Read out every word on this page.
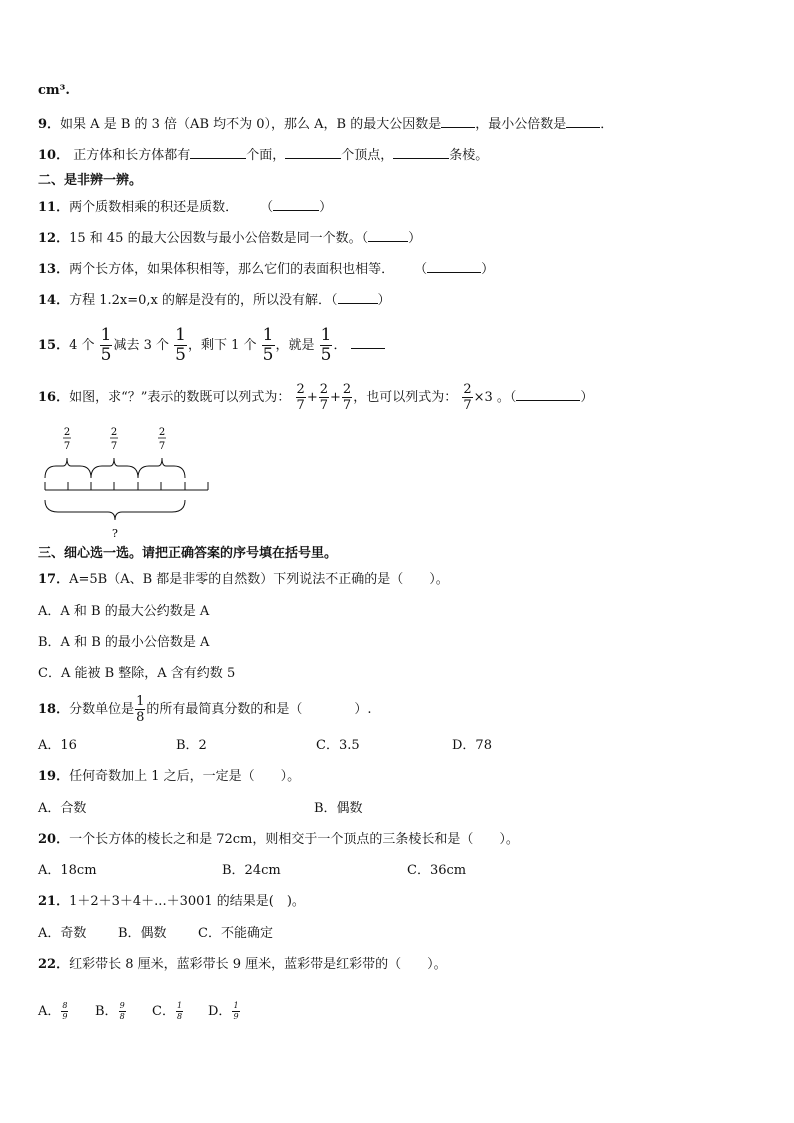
cm³.
9．如果 A 是 B 的 3 倍（AB 均不为 0），那么 A，B 的最大公因数是	，最小公倍数是	．
10． 正方体和长方体都有	个面，	个顶点，	条棱。
二、是非辨一辨。
11．两个质数相乘的积还是质数． （	）
12．15 和 45 的最大公因数与最小公倍数是同一个数。（	）
13．两个长方体，如果体积相等，那么它们的表面积也相等． （	）
14．方程 1.2x=0,x 的解是没有的，所以没有解．（	）
15．4 个 $\frac{1}{5}$ 减去 3 个 $\frac{1}{5}$ ，剩下 1 个 $\frac{1}{5}$ ，就是 $\frac{1}{5}$ ．
16．如图，求“？”表示的数既可以列式为： $\frac{2}{7} + \frac{2}{7} + \frac{2}{7}$ ，也可以列式为： $\frac{2}{7} \times 3$ 。（	）
2
7
2
7
2
7
?
三、细心选一选。请把正确答案的序号填在括号里。
17．A=5B（A、B 都是非零的自然数）下列说法不正确的是（　　）。
A．A 和 B 的最大公约数是 A
B．A 和 B 的最小公倍数是 A
C．A 能被 B 整除，A 含有约数 5
18．分数单位是 $\frac{1}{8}$ 的所有最简真分数的和是（　　　　）.
A．16	B．2	C．3.5	D．78
19．任何奇数加上 1 之后，一定是（　　）。
A．合数	B．偶数
20．一个长方体的棱长之和是 72cm，则相交于一个顶点的三条棱长和是（　　）。
A．18cm	B．24cm	C．36cm
21．1＋2＋3＋4＋...＋3001 的结果是(　)。
A．奇数 B．偶数 C．不能确定
22．红彩带长 8 厘米，蓝彩带长 9 厘米，蓝彩带是红彩带的（　　）。
A． $\frac{8}{9}$ B． $\frac{9}{8}$ C． $\frac{1}{8}$ D． $\frac{1}{9}$
